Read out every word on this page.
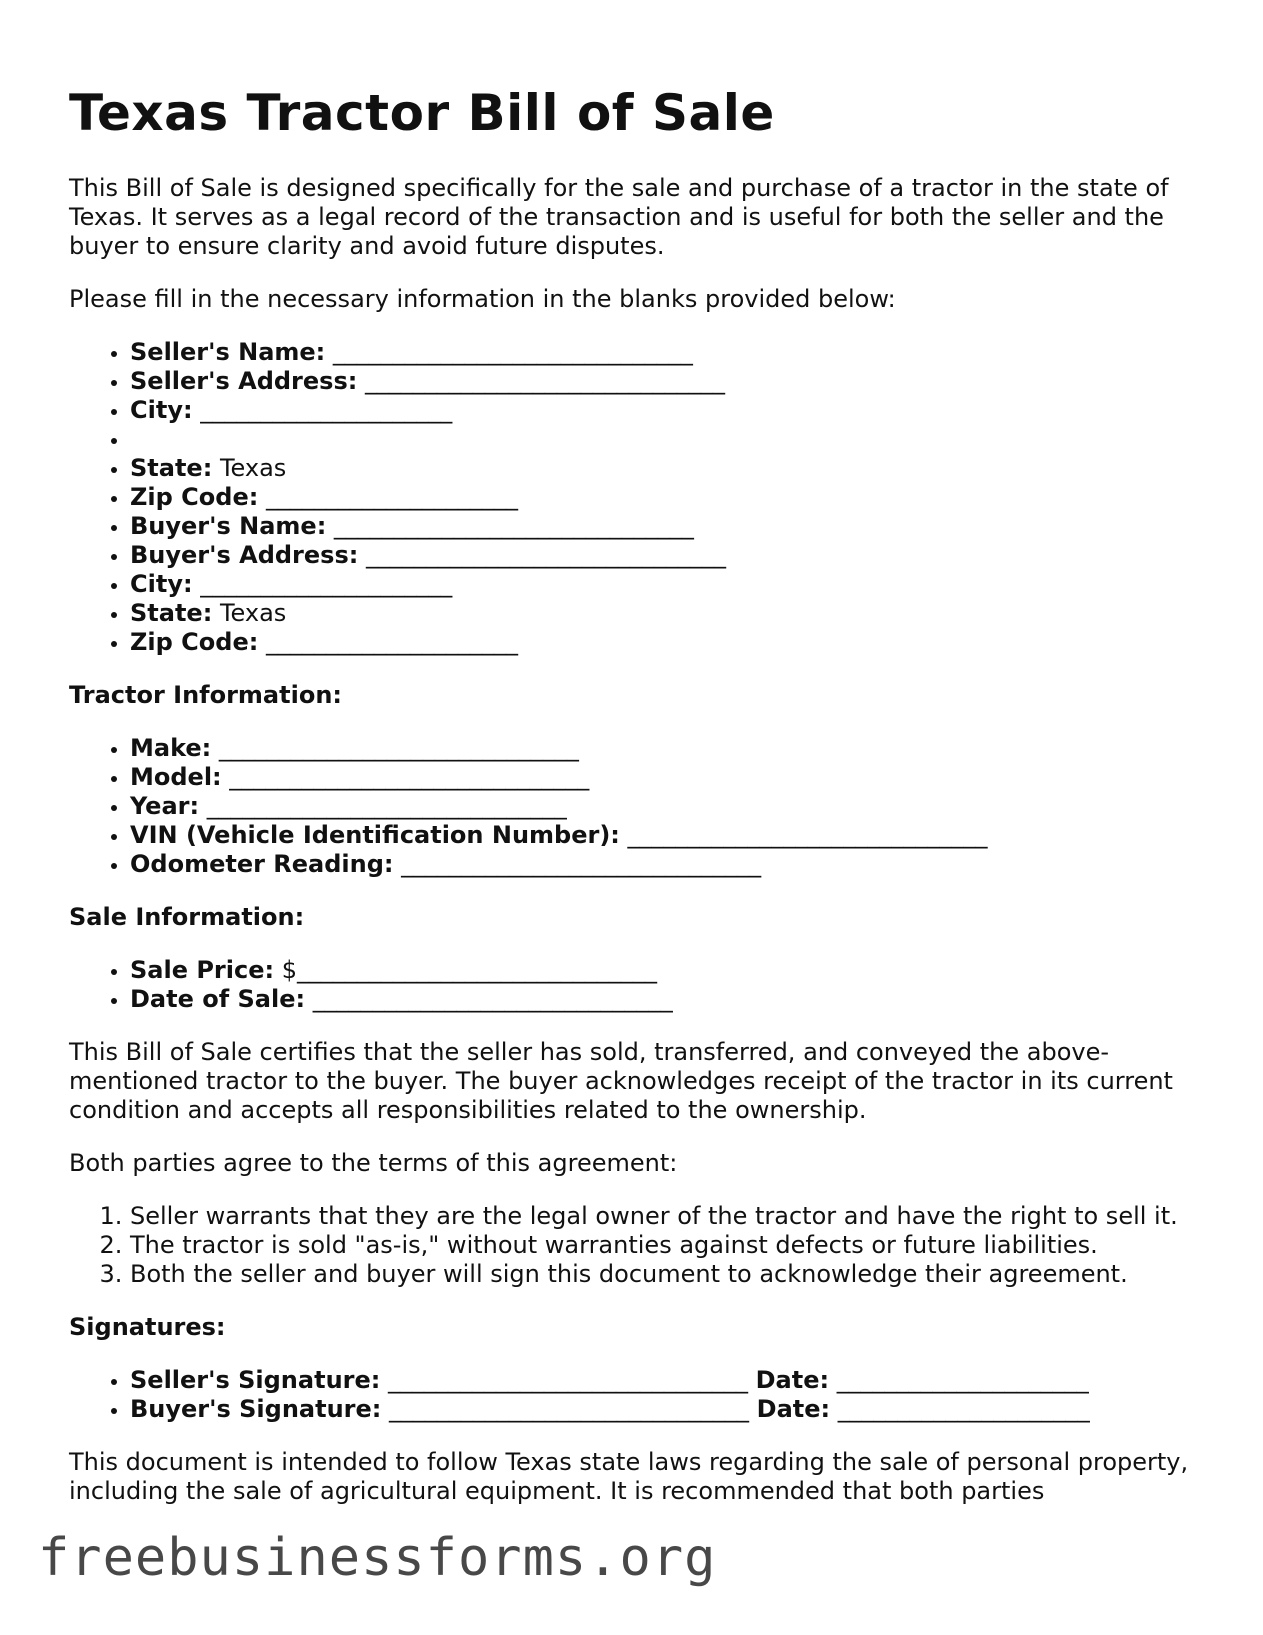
Texas Tractor Bill of Sale

This Bill of Sale is designed specifically for the sale and purchase of a tractor in the state of Texas. It serves as a legal record of the transaction and is useful for both the seller and the buyer to ensure clarity and avoid future disputes.

Please fill in the necessary information in the blanks provided below:

• Seller's Name: ______________________________
• Seller's Address: ______________________________
• City: _____________________
•
• State: Texas
• Zip Code: _____________________
• Buyer's Name: ______________________________
• Buyer's Address: ______________________________
• City: _____________________
• State: Texas
• Zip Code: _____________________
Tractor Information:
• Make: ______________________________
• Model: ______________________________
• Year: ______________________________
• VIN (Vehicle Identification Number): ______________________________
• Odometer Reading: ______________________________
Sale Information:
• Sale Price: $______________________________
• Date of Sale: ______________________________

This Bill of Sale certifies that the seller has sold, transferred, and conveyed the above-mentioned tractor to the buyer. The buyer acknowledges receipt of the tractor in its current condition and accepts all responsibilities related to the ownership.

Both parties agree to the terms of this agreement:

1. Seller warrants that they are the legal owner of the tractor and have the right to sell it.
2. The tractor is sold "as-is," without warranties against defects or future liabilities.
3. Both the seller and buyer will sign this document to acknowledge their agreement.
Signatures:
• Seller's Signature: ______________________________ Date: _____________________
• Buyer's Signature: ______________________________ Date: _____________________

This document is intended to follow Texas state laws regarding the sale of personal property, including the sale of agricultural equipment. It is recommended that both parties

freebusinessforms.org
